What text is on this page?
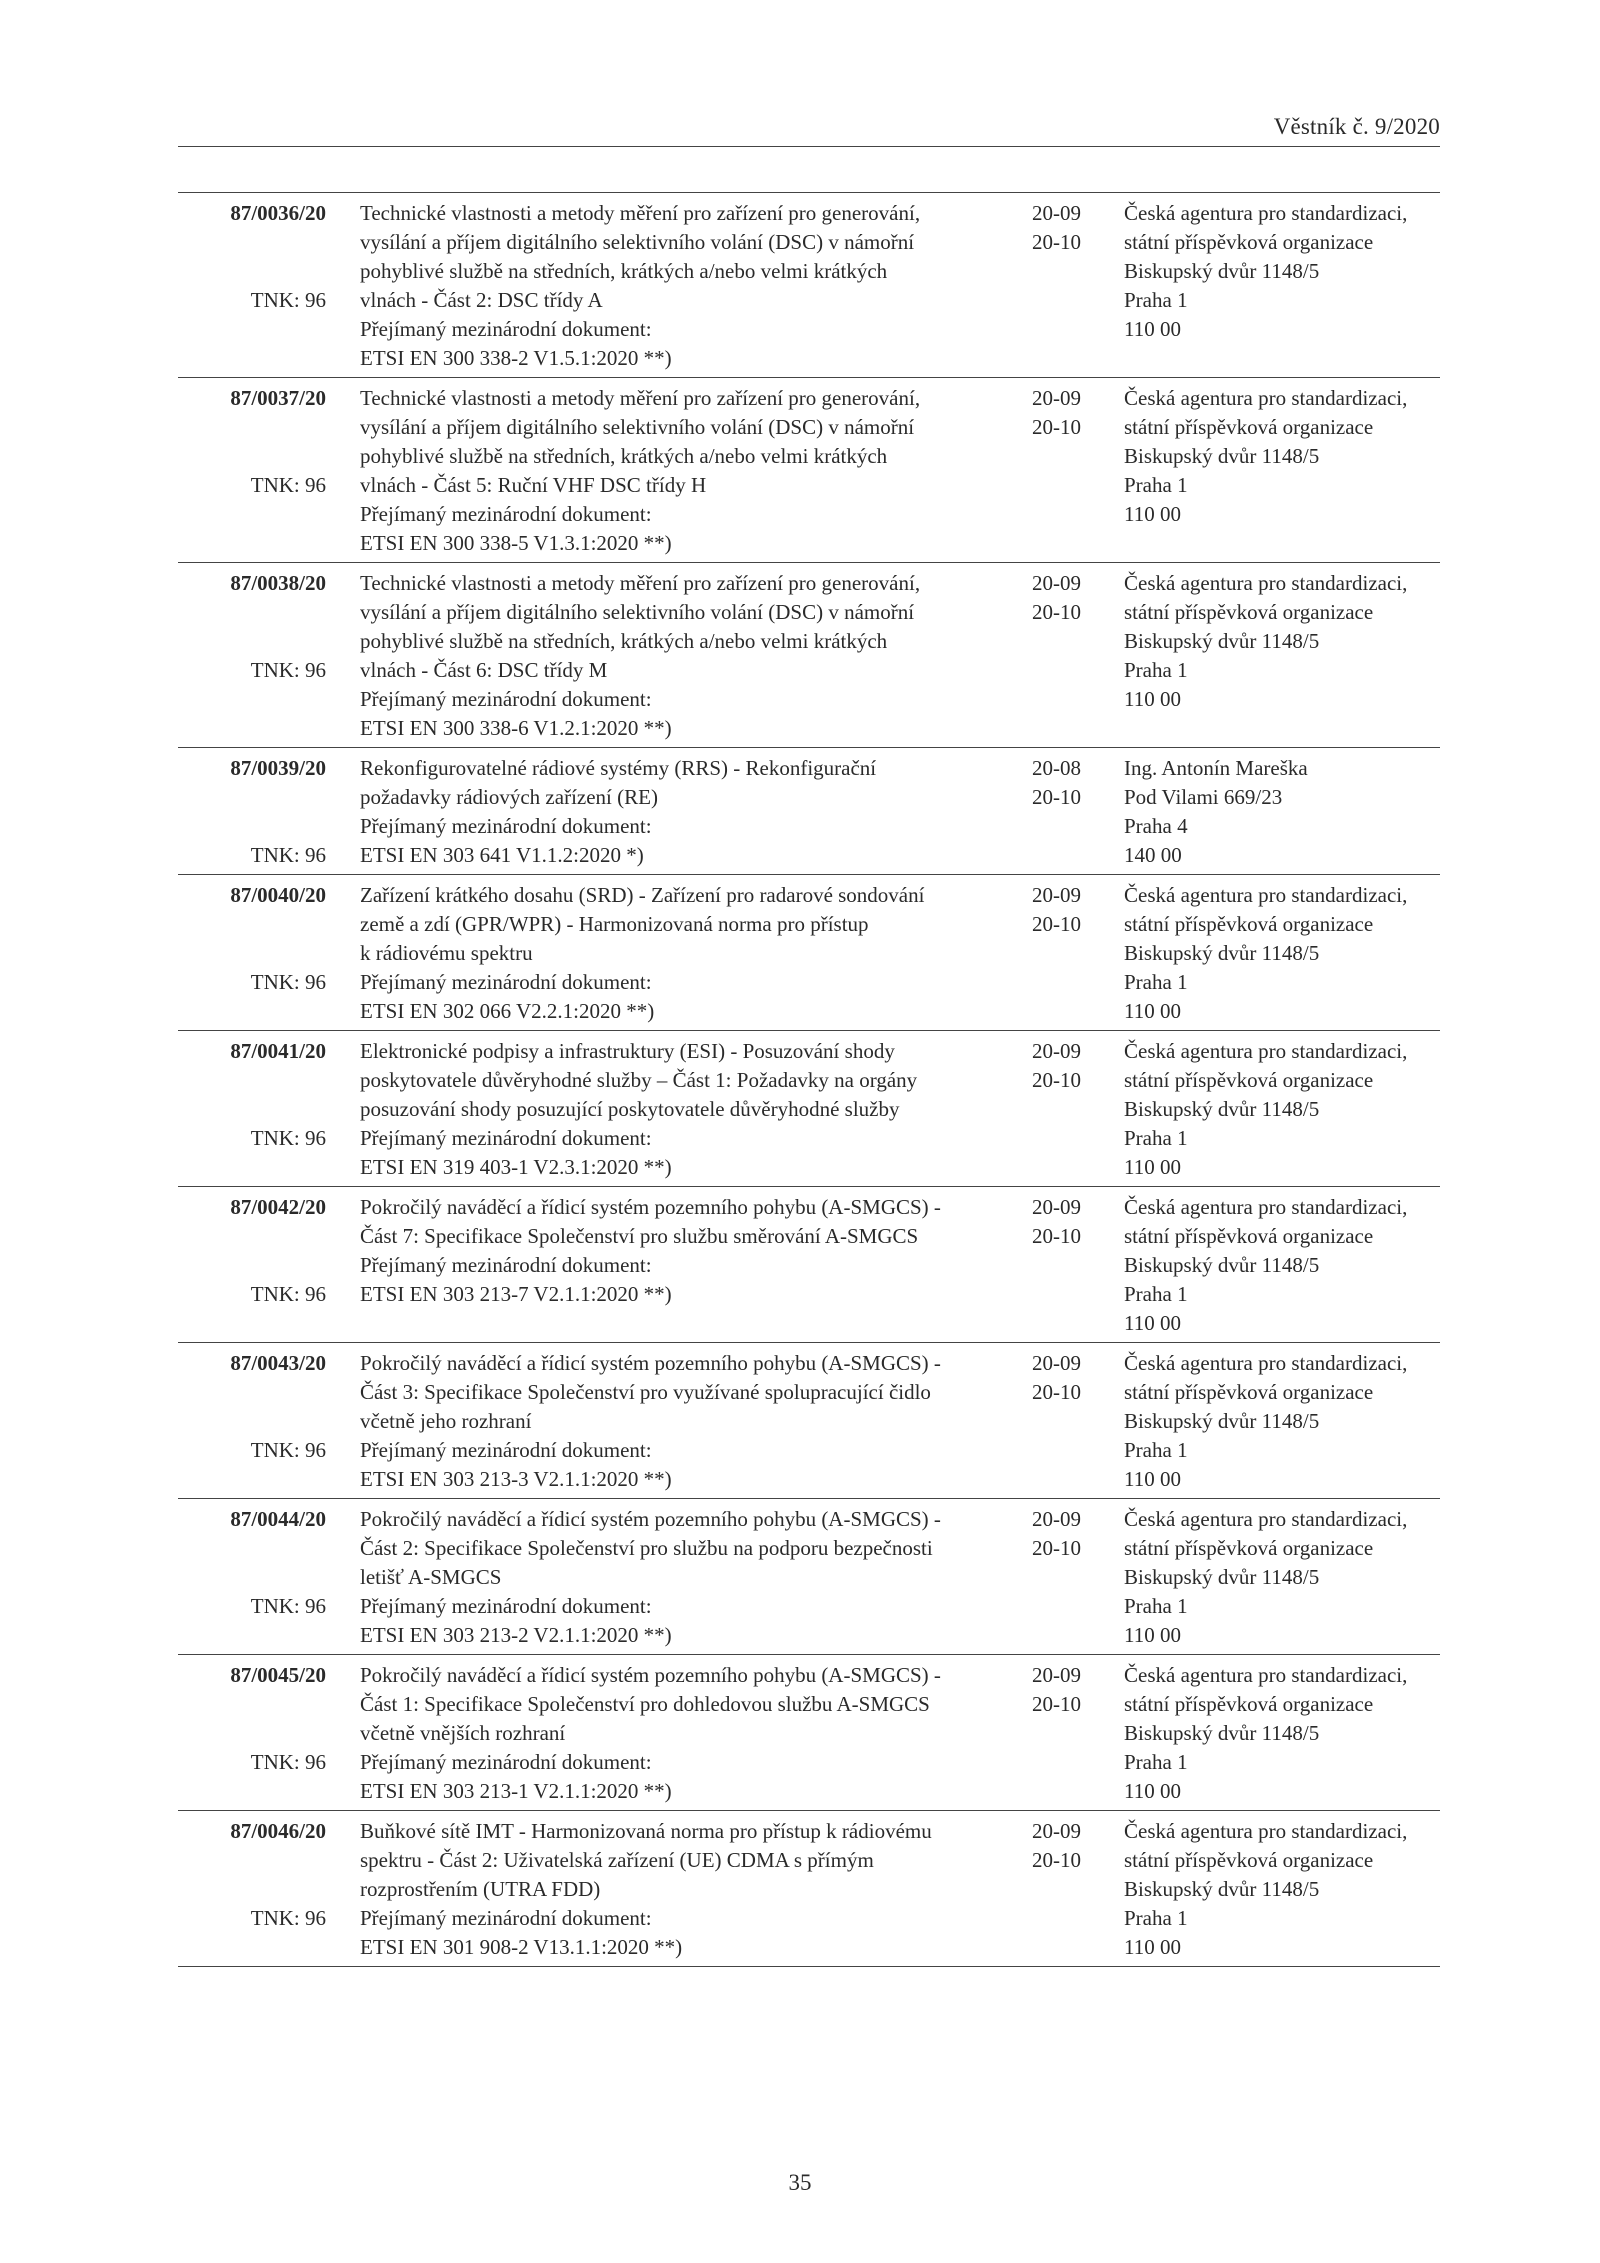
Věstník č. 9/2020
87/0036/20
TNK: 96
Technické vlastnosti a metody měření pro zařízení pro generování,
vysílání a příjem digitálního selektivního volání (DSC) v námořní
pohyblivé službě na středních, krátkých a/nebo velmi krátkých
vlnách - Část 2: DSC třídy A
Přejímaný mezinárodní dokument:
ETSI EN 300 338-2 V1.5.1:2020 **)
20-09
20-10
Česká agentura pro standardizaci,
státní příspěvková organizace
Biskupský dvůr 1148/5
Praha 1
110 00
87/0037/20
TNK: 96
Technické vlastnosti a metody měření pro zařízení pro generování,
vysílání a příjem digitálního selektivního volání (DSC) v námořní
pohyblivé službě na středních, krátkých a/nebo velmi krátkých
vlnách - Část 5: Ruční VHF DSC třídy H
Přejímaný mezinárodní dokument:
ETSI EN 300 338-5 V1.3.1:2020 **)
20-09
20-10
Česká agentura pro standardizaci,
státní příspěvková organizace
Biskupský dvůr 1148/5
Praha 1
110 00
87/0038/20
TNK: 96
Technické vlastnosti a metody měření pro zařízení pro generování,
vysílání a příjem digitálního selektivního volání (DSC) v námořní
pohyblivé službě na středních, krátkých a/nebo velmi krátkých
vlnách - Část 6: DSC třídy M
Přejímaný mezinárodní dokument:
ETSI EN 300 338-6 V1.2.1:2020 **)
20-09
20-10
Česká agentura pro standardizaci,
státní příspěvková organizace
Biskupský dvůr 1148/5
Praha 1
110 00
87/0039/20
TNK: 96
Rekonfigurovatelné rádiové systémy (RRS) - Rekonfigurační
požadavky rádiových zařízení (RE)
Přejímaný mezinárodní dokument:
ETSI EN 303 641 V1.1.2:2020 *)
20-08
20-10
Ing. Antonín Mareška
Pod Vilami 669/23
Praha 4
140 00
87/0040/20
TNK: 96
Zařízení krátkého dosahu (SRD) - Zařízení pro radarové sondování
země a zdí (GPR/WPR) - Harmonizovaná norma pro přístup
k rádiovému spektru
Přejímaný mezinárodní dokument:
ETSI EN 302 066 V2.2.1:2020 **)
20-09
20-10
Česká agentura pro standardizaci,
státní příspěvková organizace
Biskupský dvůr 1148/5
Praha 1
110 00
87/0041/20
TNK: 96
Elektronické podpisy a infrastruktury (ESI) - Posuzování shody
poskytovatele důvěryhodné služby – Část 1: Požadavky na orgány
posuzování shody posuzující poskytovatele důvěryhodné služby
Přejímaný mezinárodní dokument:
ETSI EN 319 403-1 V2.3.1:2020 **)
20-09
20-10
Česká agentura pro standardizaci,
státní příspěvková organizace
Biskupský dvůr 1148/5
Praha 1
110 00
87/0042/20
TNK: 96
Pokročilý naváděcí a řídicí systém pozemního pohybu (A-SMGCS) -
Část 7: Specifikace Společenství pro službu směrování A-SMGCS
Přejímaný mezinárodní dokument:
ETSI EN 303 213-7 V2.1.1:2020 **)
20-09
20-10
Česká agentura pro standardizaci,
státní příspěvková organizace
Biskupský dvůr 1148/5
Praha 1
110 00
87/0043/20
TNK: 96
Pokročilý naváděcí a řídicí systém pozemního pohybu (A-SMGCS) -
Část 3: Specifikace Společenství pro využívané spolupracující čidlo
včetně jeho rozhraní
Přejímaný mezinárodní dokument:
ETSI EN 303 213-3 V2.1.1:2020 **)
20-09
20-10
Česká agentura pro standardizaci,
státní příspěvková organizace
Biskupský dvůr 1148/5
Praha 1
110 00
87/0044/20
TNK: 96
Pokročilý naváděcí a řídicí systém pozemního pohybu (A-SMGCS) -
Část 2: Specifikace Společenství pro službu na podporu bezpečnosti
letišť A-SMGCS
Přejímaný mezinárodní dokument:
ETSI EN 303 213-2 V2.1.1:2020 **)
20-09
20-10
Česká agentura pro standardizaci,
státní příspěvková organizace
Biskupský dvůr 1148/5
Praha 1
110 00
87/0045/20
TNK: 96
Pokročilý naváděcí a řídicí systém pozemního pohybu (A-SMGCS) -
Část 1: Specifikace Společenství pro dohledovou službu A-SMGCS
včetně vnějších rozhraní
Přejímaný mezinárodní dokument:
ETSI EN 303 213-1 V2.1.1:2020 **)
20-09
20-10
Česká agentura pro standardizaci,
státní příspěvková organizace
Biskupský dvůr 1148/5
Praha 1
110 00
87/0046/20
TNK: 96
Buňkové sítě IMT - Harmonizovaná norma pro přístup k rádiovému
spektru - Část 2: Uživatelská zařízení (UE) CDMA s přímým
rozprostřením (UTRA FDD)
Přejímaný mezinárodní dokument:
ETSI EN 301 908-2 V13.1.1:2020 **)
20-09
20-10
Česká agentura pro standardizaci,
státní příspěvková organizace
Biskupský dvůr 1148/5
Praha 1
110 00
35
